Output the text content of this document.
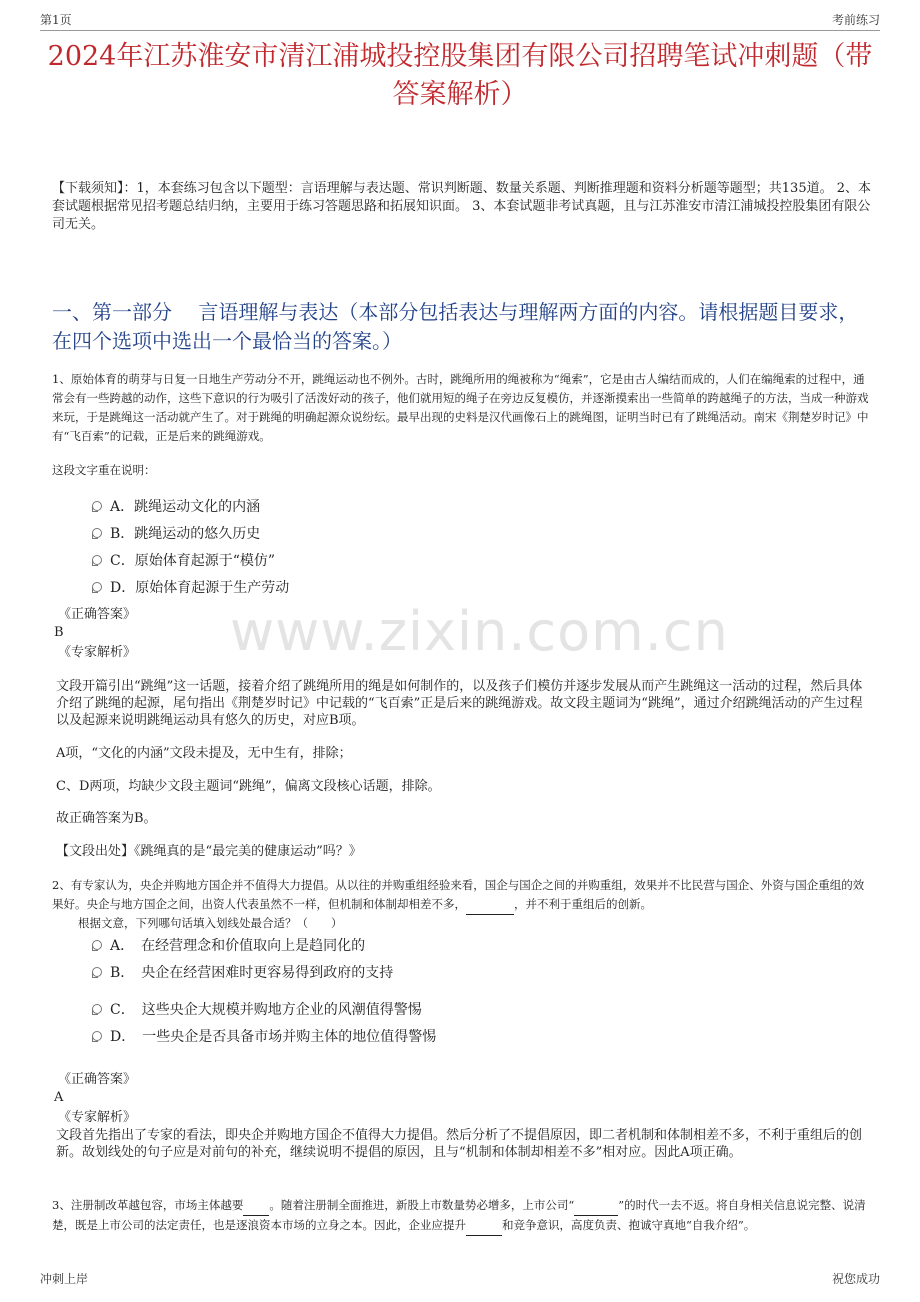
第1页	考前练习
2024年江苏淮安市清江浦城投控股集团有限公司招聘笔试冲刺题（带答案解析）
【下载须知】：1，本套练习包含以下题型：言语理解与表达题、常识判断题、数量关系题、判断推理题和资料分析题等题型；共135道。 2、本套试题根据常见招考题总结归纳，主要用于练习答题思路和拓展知识面。 3、本套试题非考试真题，且与江苏淮安市清江浦城投控股集团有限公司无关。
一、第一部分　 言语理解与表达（本部分包括表达与理解两方面的内容。请根据题目要求，在四个选项中选出一个最恰当的答案。）
www.zixin.com.cn
1、原始体育的萌芽与日复一日地生产劳动分不开，跳绳运动也不例外。古时，跳绳所用的绳被称为“绳索”，它是由古人编结而成的，人们在编绳索的过程中，通常会有一些跨越的动作，这些下意识的行为吸引了活泼好动的孩子，他们就用短的绳子在旁边反复模仿，并逐渐摸索出一些简单的跨越绳子的方法，当成一种游戏来玩，于是跳绳这一活动就产生了。对于跳绳的明确起源众说纷纭。最早出现的史料是汉代画像石上的跳绳图，证明当时已有了跳绳活动。南宋《荆楚岁时记》中有“飞百索”的记载，正是后来的跳绳游戏。
这段文字重在说明：
A．跳绳运动文化的内涵
B．跳绳运动的悠久历史
C．原始体育起源于“模仿”
D．原始体育起源于生产劳动
《正确答案》
B
《专家解析》
文段开篇引出“跳绳”这一话题，接着介绍了跳绳所用的绳是如何制作的，以及孩子们模仿并逐步发展从而产生跳绳这一活动的过程，然后具体介绍了跳绳的起源，尾句指出《荆楚岁时记》中记载的“飞百索”正是后来的跳绳游戏。故文段主题词为“跳绳”，通过介绍跳绳活动的产生过程以及起源来说明跳绳运动具有悠久的历史，对应B项。
A项，“文化的内涵”文段未提及，无中生有，排除；
C、D两项，均缺少文段主题词“跳绳”，偏离文段核心话题，排除。
故正确答案为B。
【文段出处】《跳绳真的是“最完美的健康运动”吗？》
2、有专家认为，央企并购地方国企并不值得大力提倡。从以往的并购重组经验来看，国企与国企之间的并购重组，效果并不比民营与国企、外资与国企重组的效果好。央企与地方国企之间，出资人代表虽然不一样，但机制和体制却相差不多，	，并不利于重组后的创新。
根据文意，下列哪句话填入划线处最合适？（　　）
A．　在经营理念和价值取向上是趋同化的
B．　央企在经营困难时更容易得到政府的支持
C．　这些央企大规模并购地方企业的风潮值得警惕
D．　一些央企是否具备市场并购主体的地位值得警惕
《正确答案》
A
《专家解析》
文段首先指出了专家的看法，即央企并购地方国企不值得大力提倡。然后分析了不提倡原因，即二者机制和体制相差不多，不利于重组后的创新。故划线处的句子应是对前句的补充，继续说明不提倡的原因，且与“机制和体制却相差不多”相对应。因此A项正确。
3、注册制改革越包容，市场主体越要 。随着注册制全面推进，新股上市数量势必增多，上市公司“	”的时代一去不返。将自身相关信息说完整、说清楚，既是上市公司的法定责任，也是逐浪资本市场的立身之本。因此，企业应提升	和竞争意识，高度负责、抱诚守真地“自我介绍”。
冲刺上岸	祝您成功
